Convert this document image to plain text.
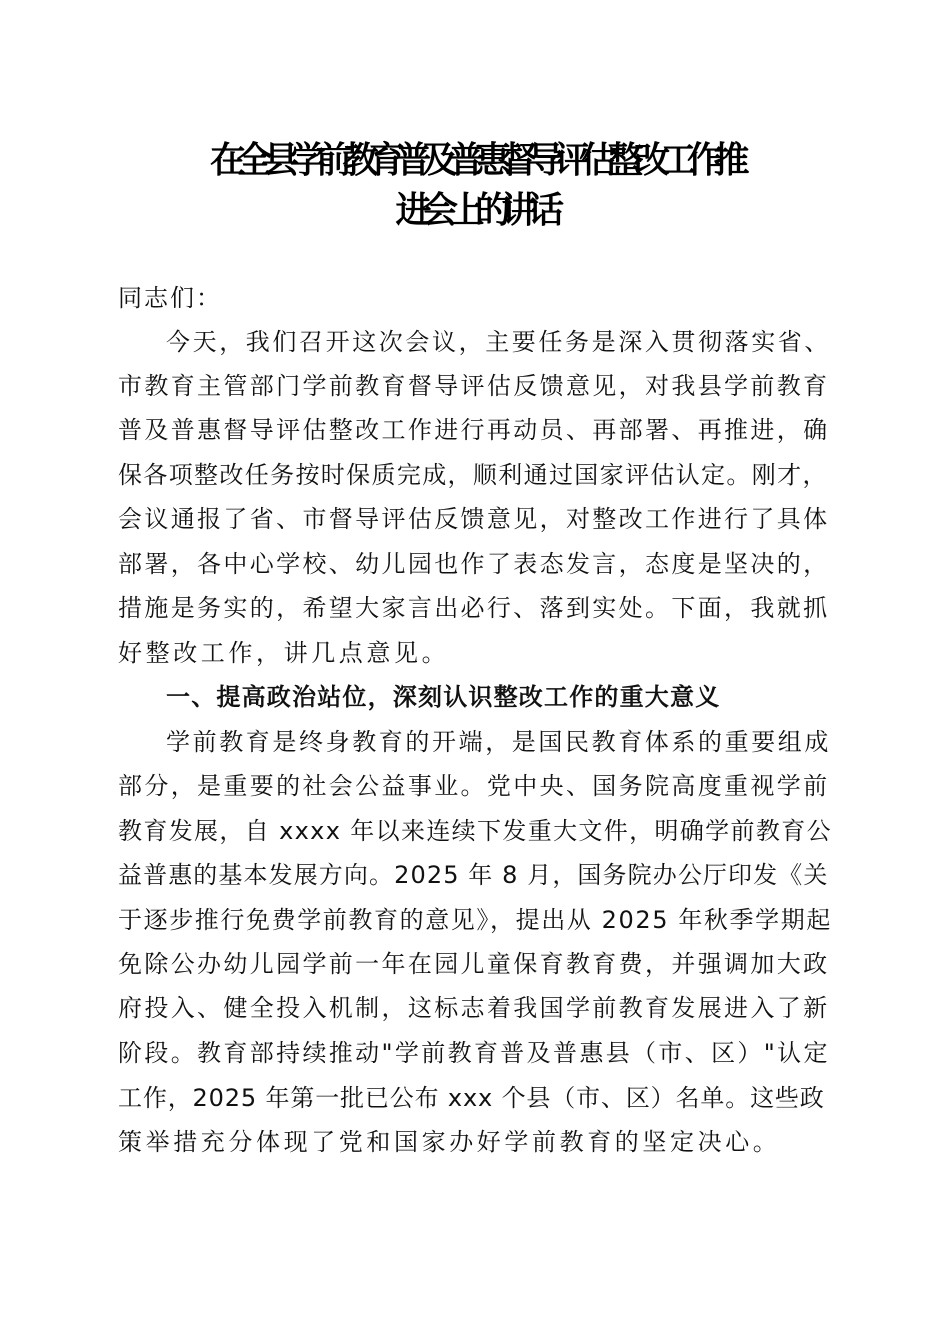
在全县学前教育普及普惠督导评估整改工作推
进会上的讲话
同志们：
今天，我们召开这次会议，主要任务是深入贯彻落实省、
市教育主管部门学前教育督导评估反馈意见，对我县学前教育
普及普惠督导评估整改工作进行再动员、再部署、再推进，确
保各项整改任务按时保质完成，顺利通过国家评估认定。刚才，
会议通报了省、市督导评估反馈意见，对整改工作进行了具体
部署，各中心学校、幼儿园也作了表态发言，态度是坚决的，
措施是务实的，希望大家言出必行、落到实处。下面，我就抓
好整改工作，讲几点意见。
一、提高政治站位，深刻认识整改工作的重大意义
学前教育是终身教育的开端，是国民教育体系的重要组成
部分，是重要的社会公益事业。党中央、国务院高度重视学前
教育发展，自 xxxx 年以来连续下发重大文件，明确学前教育公
益普惠的基本发展方向。2025 年 8 月，国务院办公厅印发《关
于逐步推行免费学前教育的意见》，提出从 2025 年秋季学期起
免除公办幼儿园学前一年在园儿童保育教育费，并强调加大政
府投入、健全投入机制，这标志着我国学前教育发展进入了新
阶段。教育部持续推动"学前教育普及普惠县（市、区）"认定
工作，2025 年第一批已公布 xxx 个县（市、区）名单。这些政
策举措充分体现了党和国家办好学前教育的坚定决心。
